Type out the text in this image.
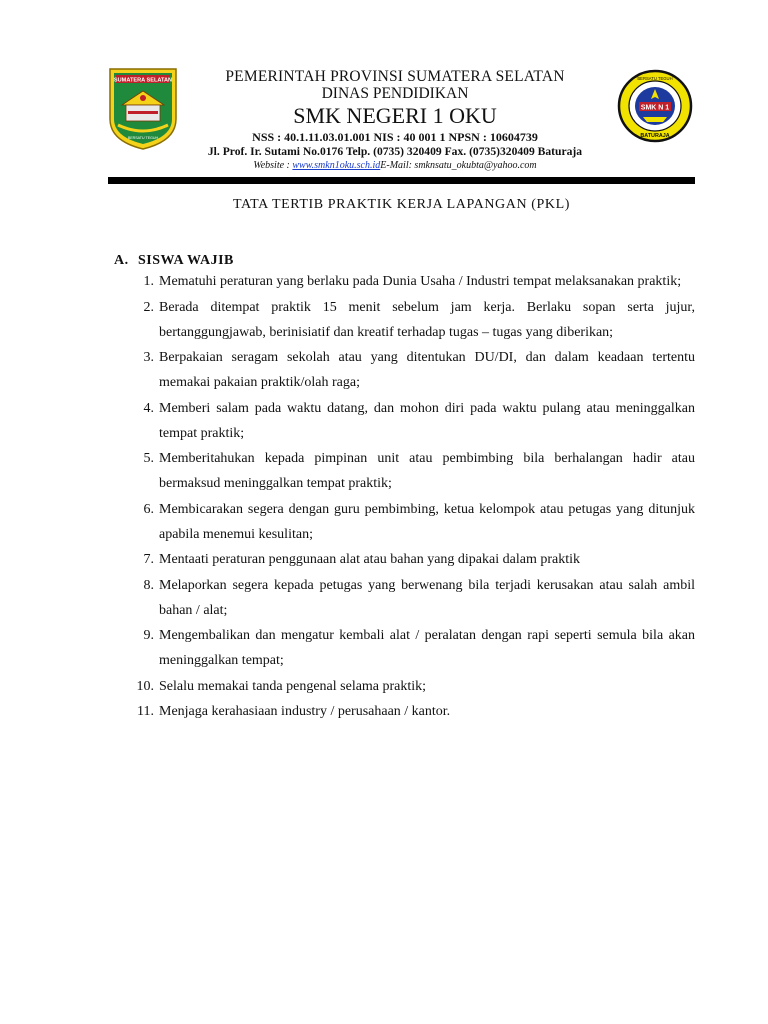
SUMATERA SELATAN
BERSATU TEGUH
PEMERINTAH PROVINSI SUMATERA SELATAN
DINAS PENDIDIKAN
SMK NEGERI 1 OKU
NSS : 40.1.11.03.01.001 NIS : 40 001 1 NPSN : 10604739
Jl. Prof. Ir. Sutami No.0176 Telp. (0735) 320409 Fax. (0735)320409 Baturaja
Website : www.smkn1oku.sch.idE-Mail: smknsatu_okubta@yahoo.com
SMK N 1
BERSATU TEGUH
BATURAJA
TATA TERTIB PRAKTIK KERJA LAPANGAN (PKL)
A. SISWA WAJIB
1. Mematuhi peraturan yang berlaku pada Dunia Usaha / Industri tempat melaksanakan praktik;
2. Berada ditempat praktik 15 menit sebelum jam kerja. Berlaku sopan serta jujur, bertanggungjawab, berinisiatif dan kreatif terhadap tugas – tugas yang diberikan;
3. Berpakaian seragam sekolah atau yang ditentukan DU/DI, dan dalam keadaan tertentu memakai pakaian praktik/olah raga;
4. Memberi salam pada waktu datang, dan mohon diri pada waktu pulang atau meninggalkan tempat praktik;
5. Memberitahukan kepada pimpinan unit atau pembimbing bila berhalangan hadir atau bermaksud meninggalkan tempat praktik;
6. Membicarakan segera dengan guru pembimbing, ketua kelompok atau petugas yang ditunjuk apabila menemui kesulitan;
7. Mentaati peraturan penggunaan alat atau bahan yang dipakai dalam praktik
8. Melaporkan segera kepada petugas yang berwenang bila terjadi kerusakan atau salah ambil bahan / alat;
9. Mengembalikan dan mengatur kembali alat / peralatan dengan rapi seperti semula bila akan meninggalkan tempat;
10. Selalu memakai tanda pengenal selama praktik;
11. Menjaga kerahasiaan industry / perusahaan / kantor.
